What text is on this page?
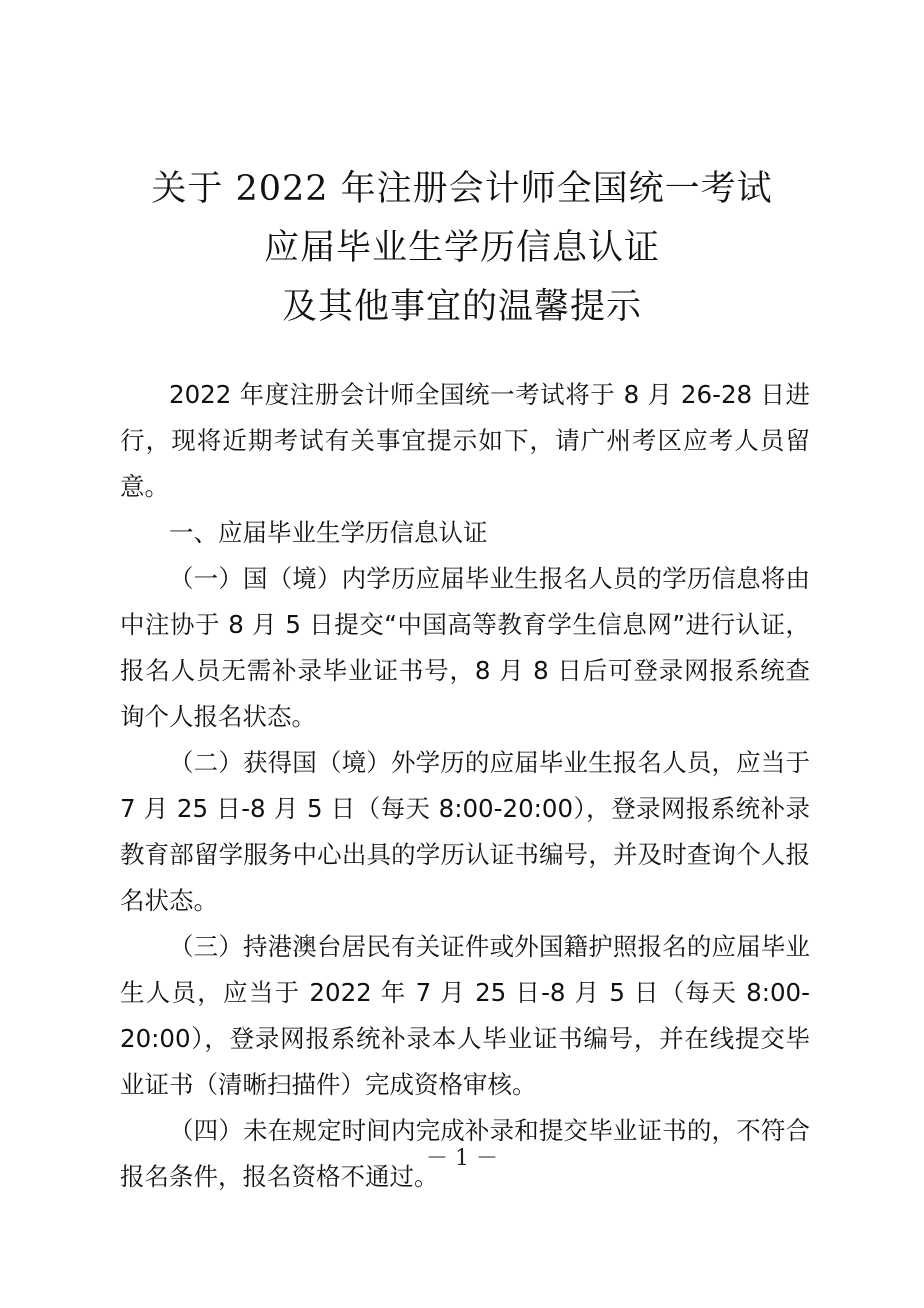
关于 2022 年注册会计师全国统一考试
应届毕业生学历信息认证
及其他事宜的温馨提示

2022 年度注册会计师全国统一考试将于 8 月 26-28 日进行，现将近期考试有关事宜提示如下，请广州考区应考人员留意。

一、应届毕业生学历信息认证

（一）国（境）内学历应届毕业生报名人员的学历信息将由中注协于 8 月 5 日提交“中国高等教育学生信息网”进行认证，报名人员无需补录毕业证书号，8 月 8 日后可登录网报系统查询个人报名状态。

（二）获得国（境）外学历的应届毕业生报名人员，应当于 7 月 25 日-8 月 5 日（每天 8:00-20:00），登录网报系统补录教育部留学服务中心出具的学历认证书编号，并及时查询个人报名状态。

（三）持港澳台居民有关证件或外国籍护照报名的应届毕业生人员，应当于 2022 年 7 月 25 日-8 月 5 日（每天 8:00-20:00），登录网报系统补录本人毕业证书编号，并在线提交毕业证书（清晰扫描件）完成资格审核。

（四）未在规定时间内完成补录和提交毕业证书的，不符合报名条件，报名资格不通过。

－ 1 －
